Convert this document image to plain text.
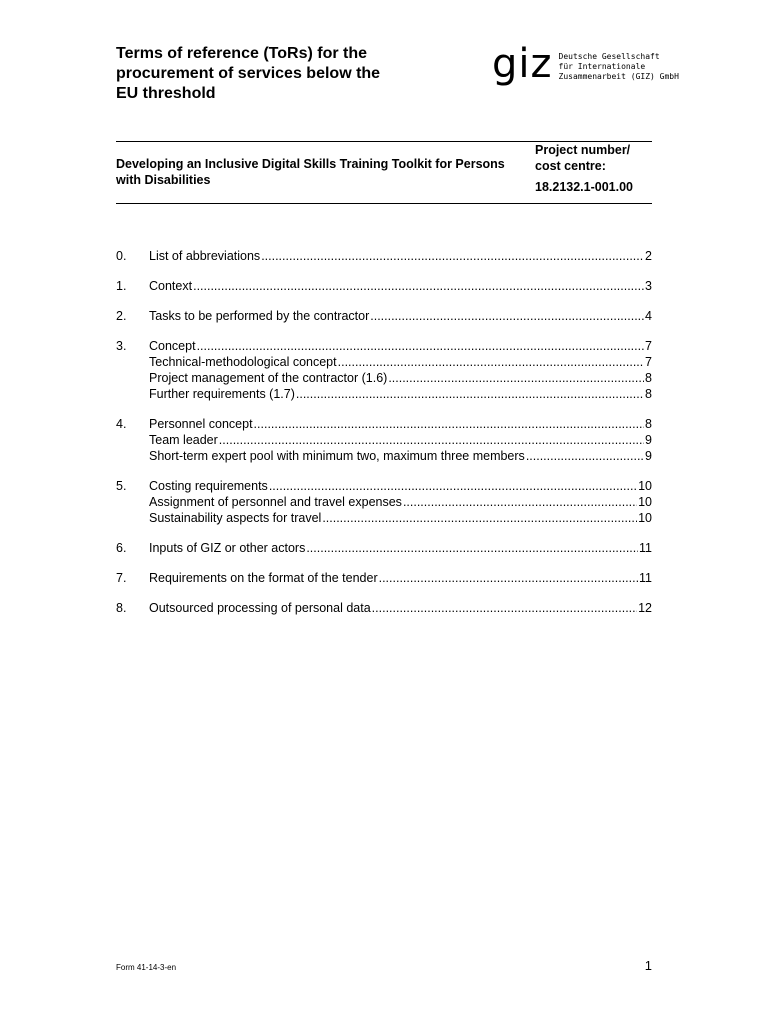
Terms of reference (ToRs) for the
procurement of services below the
EU threshold
giz Deutsche Gesellschaft
für Internationale
Zusammenarbeit (GIZ) GmbH
Developing an Inclusive Digital Skills Training Toolkit for Persons
with Disabilities
Project number/
cost centre:
18.2132.1-001.00
0.	List of abbreviations .....	2
1.	Context .....	3
2.	Tasks to be performed by the contractor .....	4
3.	Concept .....	7
Technical-methodological concept .....	7
Project management of the contractor (1.6) .....	8
Further requirements (1.7) .....	8
4.	Personnel concept .....	8
Team leader .....	9
Short-term expert pool with minimum two, maximum three members .....	9
5.	Costing requirements .....	10
Assignment of personnel and travel expenses .....	10
Sustainability aspects for travel .....	10
6.	Inputs of GIZ or other actors .....	11
7.	Requirements on the format of the tender .....	11
8.	Outsourced processing of personal data .....	12
Form 41-14-3-en	1
